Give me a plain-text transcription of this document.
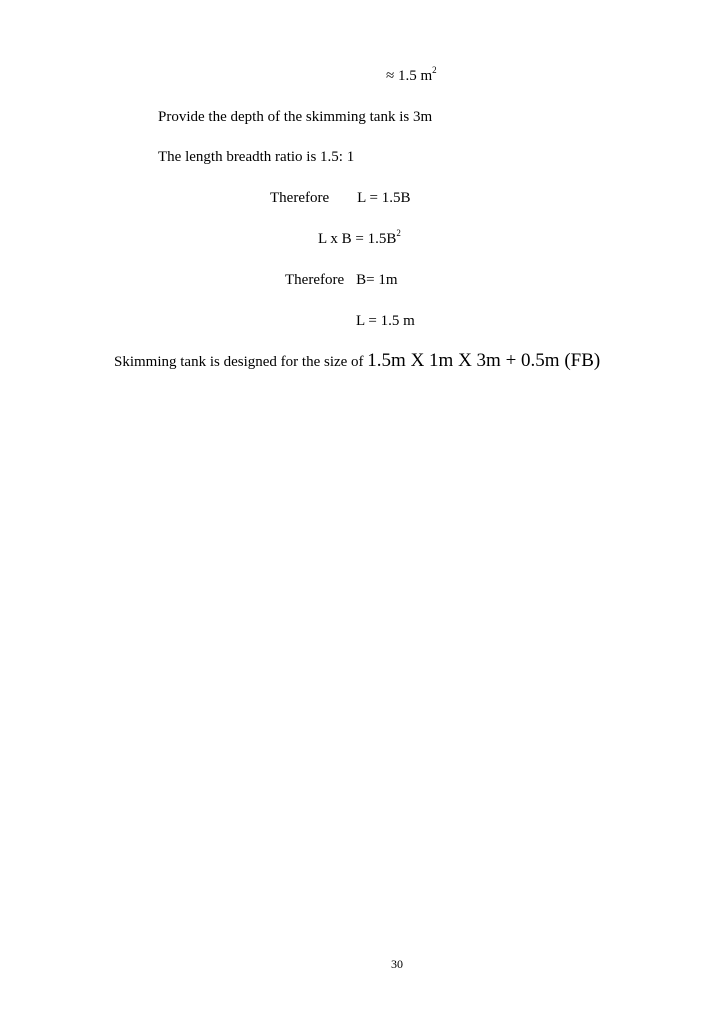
≈ 1.5 $m^2$
Provide the depth of the skimming tank is 3m
The length breadth ratio is 1.5: 1
Therefore L = 1.5B
L x $B = 1.5B^2$
Therefore B= 1m
L = 1.5 m
Skimming tank is designed for the size of 1.5m X 1m X 3m + 0.5m (FB)
30
